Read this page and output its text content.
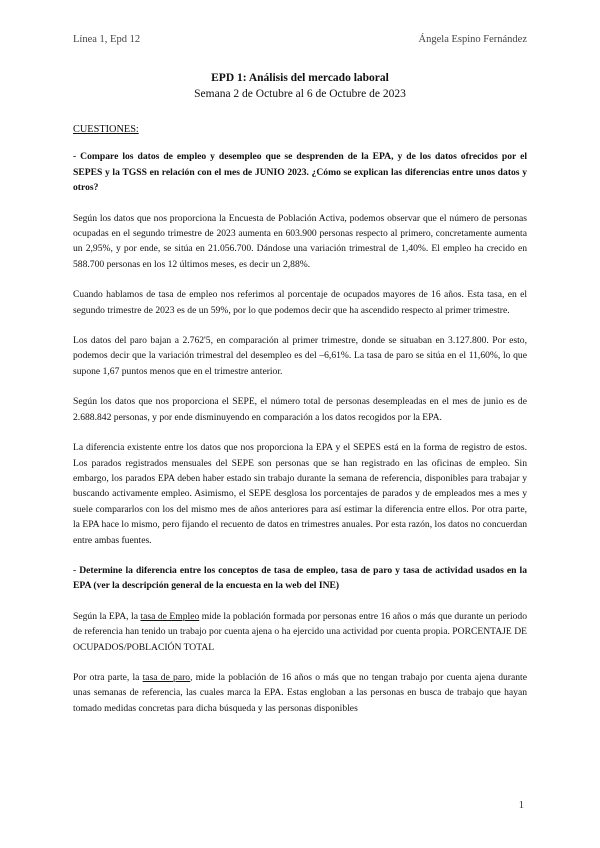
Línea 1, Epd 12	Ángela Espino Fernández
EPD 1: Análisis del mercado laboral
Semana 2 de Octubre al 6 de Octubre de 2023

CUESTIONES:

- Compare los datos de empleo y desempleo que se desprenden de la EPA, y de los datos ofrecidos por el SEPES y la TGSS en relación con el mes de JUNIO 2023. ¿Cómo se explican las diferencias entre unos datos y otros?

Según los datos que nos proporciona la Encuesta de Población Activa, podemos observar que el número de personas ocupadas en el segundo trimestre de 2023 aumenta en 603.900 personas respecto al primero, concretamente aumenta un 2,95%, y por ende, se sitúa en 21.056.700. Dándose una variación trimestral de 1,40%. El empleo ha crecido en 588.700 personas en los 12 últimos meses, es decir un 2,88%.

Cuando hablamos de tasa de empleo nos referimos al porcentaje de ocupados mayores de 16 años. Esta tasa, en el segundo trimestre de 2023 es de un 59%, por lo que podemos decir que ha ascendido respecto al primer trimestre.

Los datos del paro bajan a 2.762'5, en comparación al primer trimestre, donde se situaban en 3.127.800. Por esto, podemos decir que la variación trimestral del desempleo es del –6,61%. La tasa de paro se sitúa en el 11,60%, lo que supone 1,67 puntos menos que en el trimestre anterior.

Según los datos que nos proporciona el SEPE, el número total de personas desempleadas en el mes de junio es de 2.688.842 personas, y por ende disminuyendo en comparación a los datos recogidos por la EPA.

La diferencia existente entre los datos que nos proporciona la EPA y el SEPES está en la forma de registro de estos. Los parados registrados mensuales del SEPE son personas que se han registrado en las oficinas de empleo. Sin embargo, los parados EPA deben haber estado sin trabajo durante la semana de referencia, disponibles para trabajar y buscando activamente empleo. Asimismo, el SEPE desglosa los porcentajes de parados y de empleados mes a mes y suele compararlos con los del mismo mes de años anteriores para así estimar la diferencia entre ellos. Por otra parte, la EPA hace lo mismo, pero fijando el recuento de datos en trimestres anuales. Por esta razón, los datos no concuerdan entre ambas fuentes.

- Determine la diferencia entre los conceptos de tasa de empleo, tasa de paro y tasa de actividad usados en la EPA (ver la descripción general de la encuesta en la web del INE)

Según la EPA, la tasa de Empleo mide la población formada por personas entre 16 años o más que durante un periodo de referencia han tenido un trabajo por cuenta ajena o ha ejercido una actividad por cuenta propia. PORCENTAJE DE OCUPADOS/POBLACIÓN TOTAL

Por otra parte, la tasa de paro, mide la población de 16 años o más que no tengan trabajo por cuenta ajena durante unas semanas de referencia, las cuales marca la EPA. Estas engloban a las personas en busca de trabajo que hayan tomado medidas concretas para dicha búsqueda y las personas disponibles

1
